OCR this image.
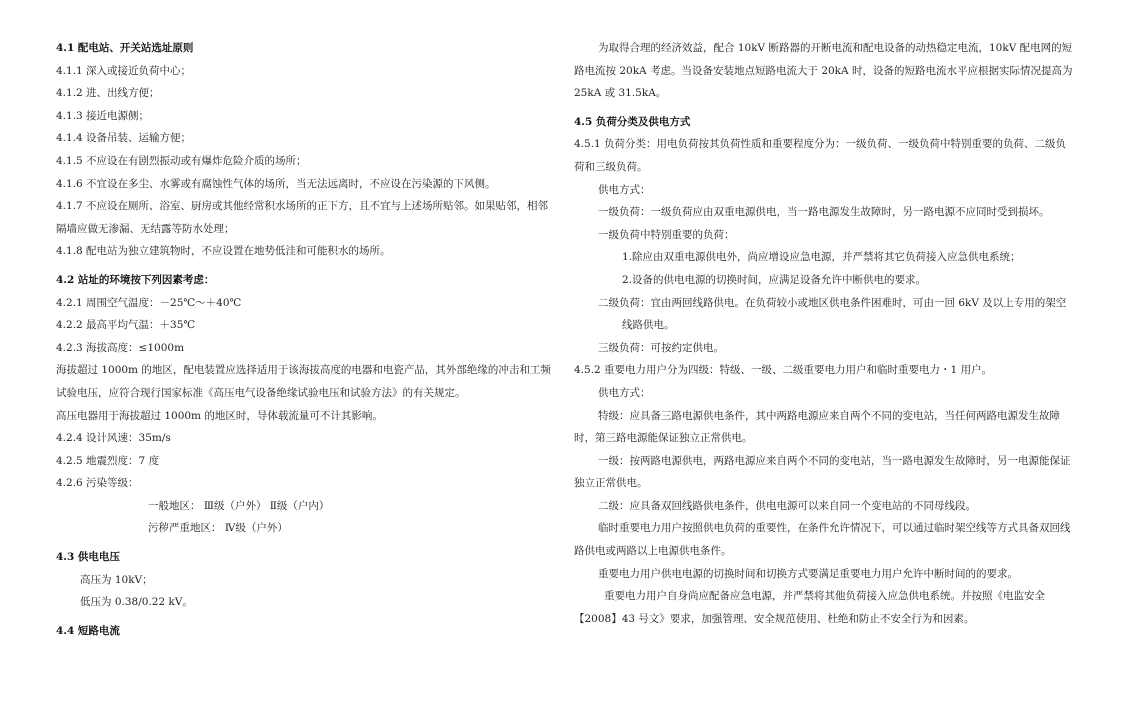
4.1 配电站、开关站选址原则
4.1.1 深入或接近负荷中心；
4.1.2 进、出线方便；
4.1.3 接近电源侧；
4.1.4 设备吊装、运输方便；
4.1.5 不应设在有剧烈振动或有爆炸危险介质的场所；
4.1.6 不宜设在多尘、水雾或有腐蚀性气体的场所，当无法远离时，不应设在污染源的下风侧。
4.1.7 不应设在厕所、浴室、厨房或其他经常积水场所的正下方，且不宜与上述场所贴邻。如果贴邻，相邻隔墙应做无渗漏、无结露等防水处理；
4.1.8 配电站为独立建筑物时，不应设置在地势低洼和可能积水的场所。
4.2 站址的环境按下列因素考虑：
4.2.1 周围空气温度：－25℃～＋40℃
4.2.2 最高平均气温：＋35℃
4.2.3 海拔高度：≤1000m
海拔超过 1000m 的地区，配电装置应选择适用于该海拔高度的电器和电瓷产品，其外部绝缘的冲击和工频试验电压，应符合现行国家标准《高压电气设备绝缘试验电压和试验方法》的有关规定。
高压电器用于海拔超过 1000m 的地区时，导体载流量可不计其影响。
4.2.4 设计风速：35m/s
4.2.5 地震烈度：7 度
4.2.6 污染等级：
一般地区： Ⅲ级（户外） Ⅱ级（户内）
污秽严重地区： Ⅳ级（户外）
4.3 供电电压
高压为 10kV；
低压为 0.38/0.22 kV。
4.4 短路电流
为取得合理的经济效益，配合 10kV 断路器的开断电流和配电设备的动热稳定电流，10kV 配电网的短路电流按 20kA 考虑。当设备安装地点短路电流大于 20kA 时，设备的短路电流水平应根据实际情况提高为 25kA 或 31.5kA。
4.5 负荷分类及供电方式
4.5.1 负荷分类：用电负荷按其负荷性质和重要程度分为：一级负荷、一级负荷中特别重要的负荷、二级负荷和三级负荷。
供电方式：
一级负荷：一级负荷应由双重电源供电，当一路电源发生故障时，另一路电源不应同时受到损坏。
一级负荷中特别重要的负荷：
1.除应由双重电源供电外，尚应增设应急电源，并严禁将其它负荷接入应急供电系统；
2.设备的供电电源的切换时间，应满足设备允许中断供电的要求。
二级负荷：宜由两回线路供电。在负荷较小或地区供电条件困难时，可由一回 6kV 及以上专用的架空线路供电。
三级负荷：可按约定供电。
4.5.2 重要电力用户分为四级：特级、一级、二级重要电力用户和临时重要电力・1 用户。
供电方式：
特级：应具备三路电源供电条件，其中两路电源应来自两个不同的变电站，当任何两路电源发生故障时，第三路电源能保证独立正常供电。
一级：按两路电源供电，两路电源应来自两个不同的变电站，当一路电源发生故障时，另一电源能保证独立正常供电。
二级：应具备双回线路供电条件，供电电源可以来自同一个变电站的不同母线段。
临时重要电力用户按照供电负荷的重要性，在条件允许情况下，可以通过临时架空线等方式具备双回线路供电或两路以上电源供电条件。
重要电力用户供电电源的切换时间和切换方式要满足重要电力用户允许中断时间的的要求。
重要电力用户自身尚应配备应急电源，并严禁将其他负荷接入应急供电系统。并按照《电监安全【2008】43 号文》要求，加强管理、安全规范使用、杜绝和防止不安全行为和因素。
